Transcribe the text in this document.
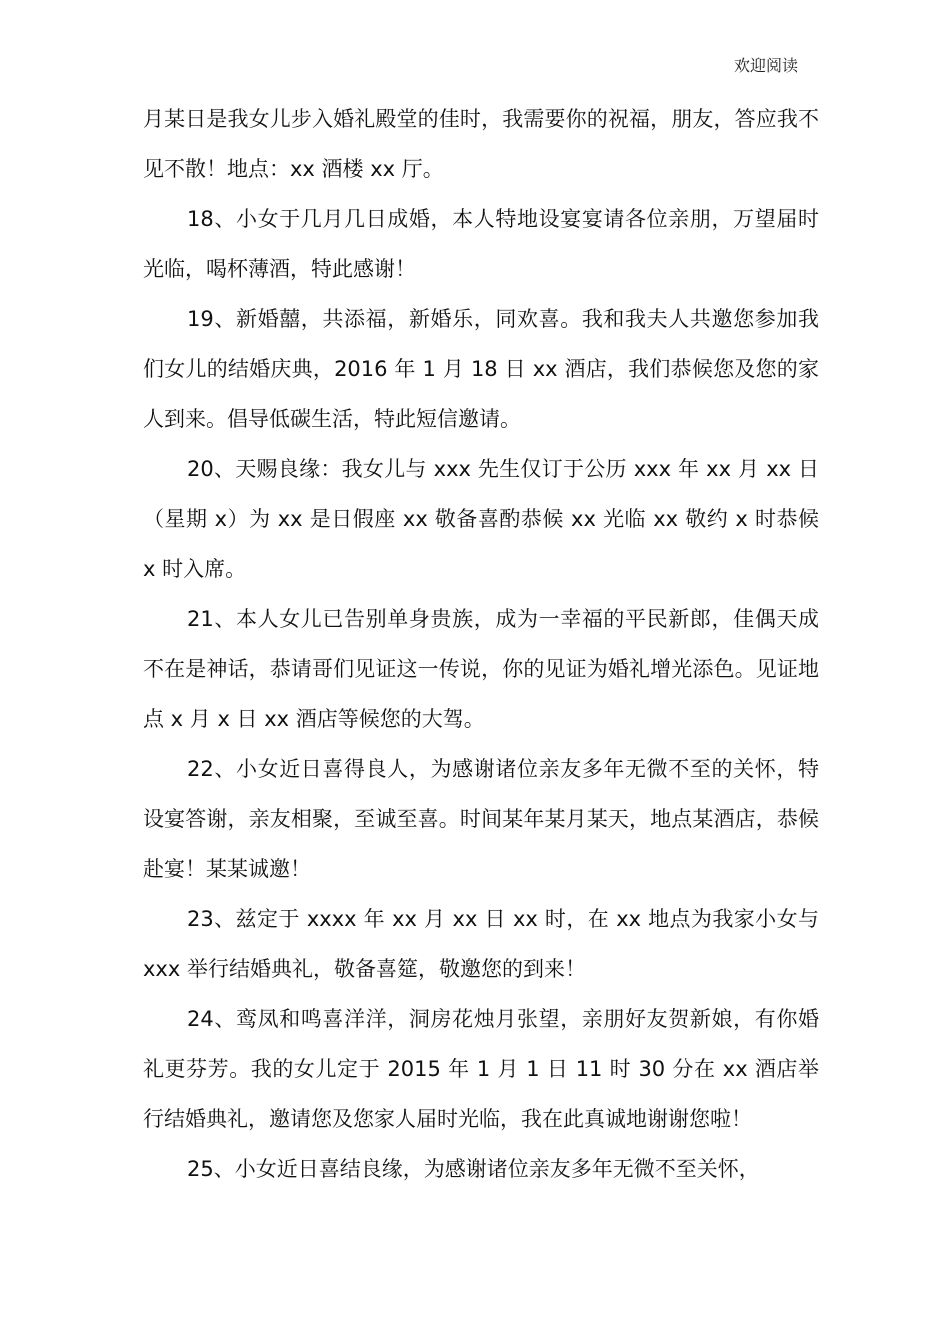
欢迎阅读

月某日是我女儿步入婚礼殿堂的佳时，我需要你的祝福，朋友，答应我不见不散！地点：xx 酒楼 xx 厅。

18、小女于几月几日成婚，本人特地设宴宴请各位亲朋，万望届时光临，喝杯薄酒，特此感谢！

19、新婚囍，共添福，新婚乐，同欢喜。我和我夫人共邀您参加我们女儿的结婚庆典，2016 年 1 月 18 日 xx 酒店，我们恭候您及您的家人到来。倡导低碳生活，特此短信邀请。

20、天赐良缘：我女儿与 xxx 先生仅订于公历 xxx 年 xx 月 xx 日（星期 x）为 xx 是日假座 xx 敬备喜酌恭候 xx 光临 xx 敬约 x 时恭候 x 时入席。

21、本人女儿已告别单身贵族，成为一幸福的平民新郎，佳偶天成不在是神话，恭请哥们见证这一传说，你的见证为婚礼增光添色。见证地点 x 月 x 日 xx 酒店等候您的大驾。

22、小女近日喜得良人，为感谢诸位亲友多年无微不至的关怀，特设宴答谢，亲友相聚，至诚至喜。时间某年某月某天，地点某酒店，恭候赴宴！某某诚邀！

23、兹定于 xxxx 年 xx 月 xx 日 xx 时，在 xx 地点为我家小女与 xxx 举行结婚典礼，敬备喜筵，敬邀您的到来！

24、鸾凤和鸣喜洋洋，洞房花烛月张望，亲朋好友贺新娘，有你婚礼更芬芳。我的女儿定于 2015 年 1 月 1 日 11 时 30 分在 xx 酒店举行结婚典礼，邀请您及您家人届时光临，我在此真诚地谢谢您啦！

25、小女近日喜结良缘，为感谢诸位亲友多年无微不至关怀，
